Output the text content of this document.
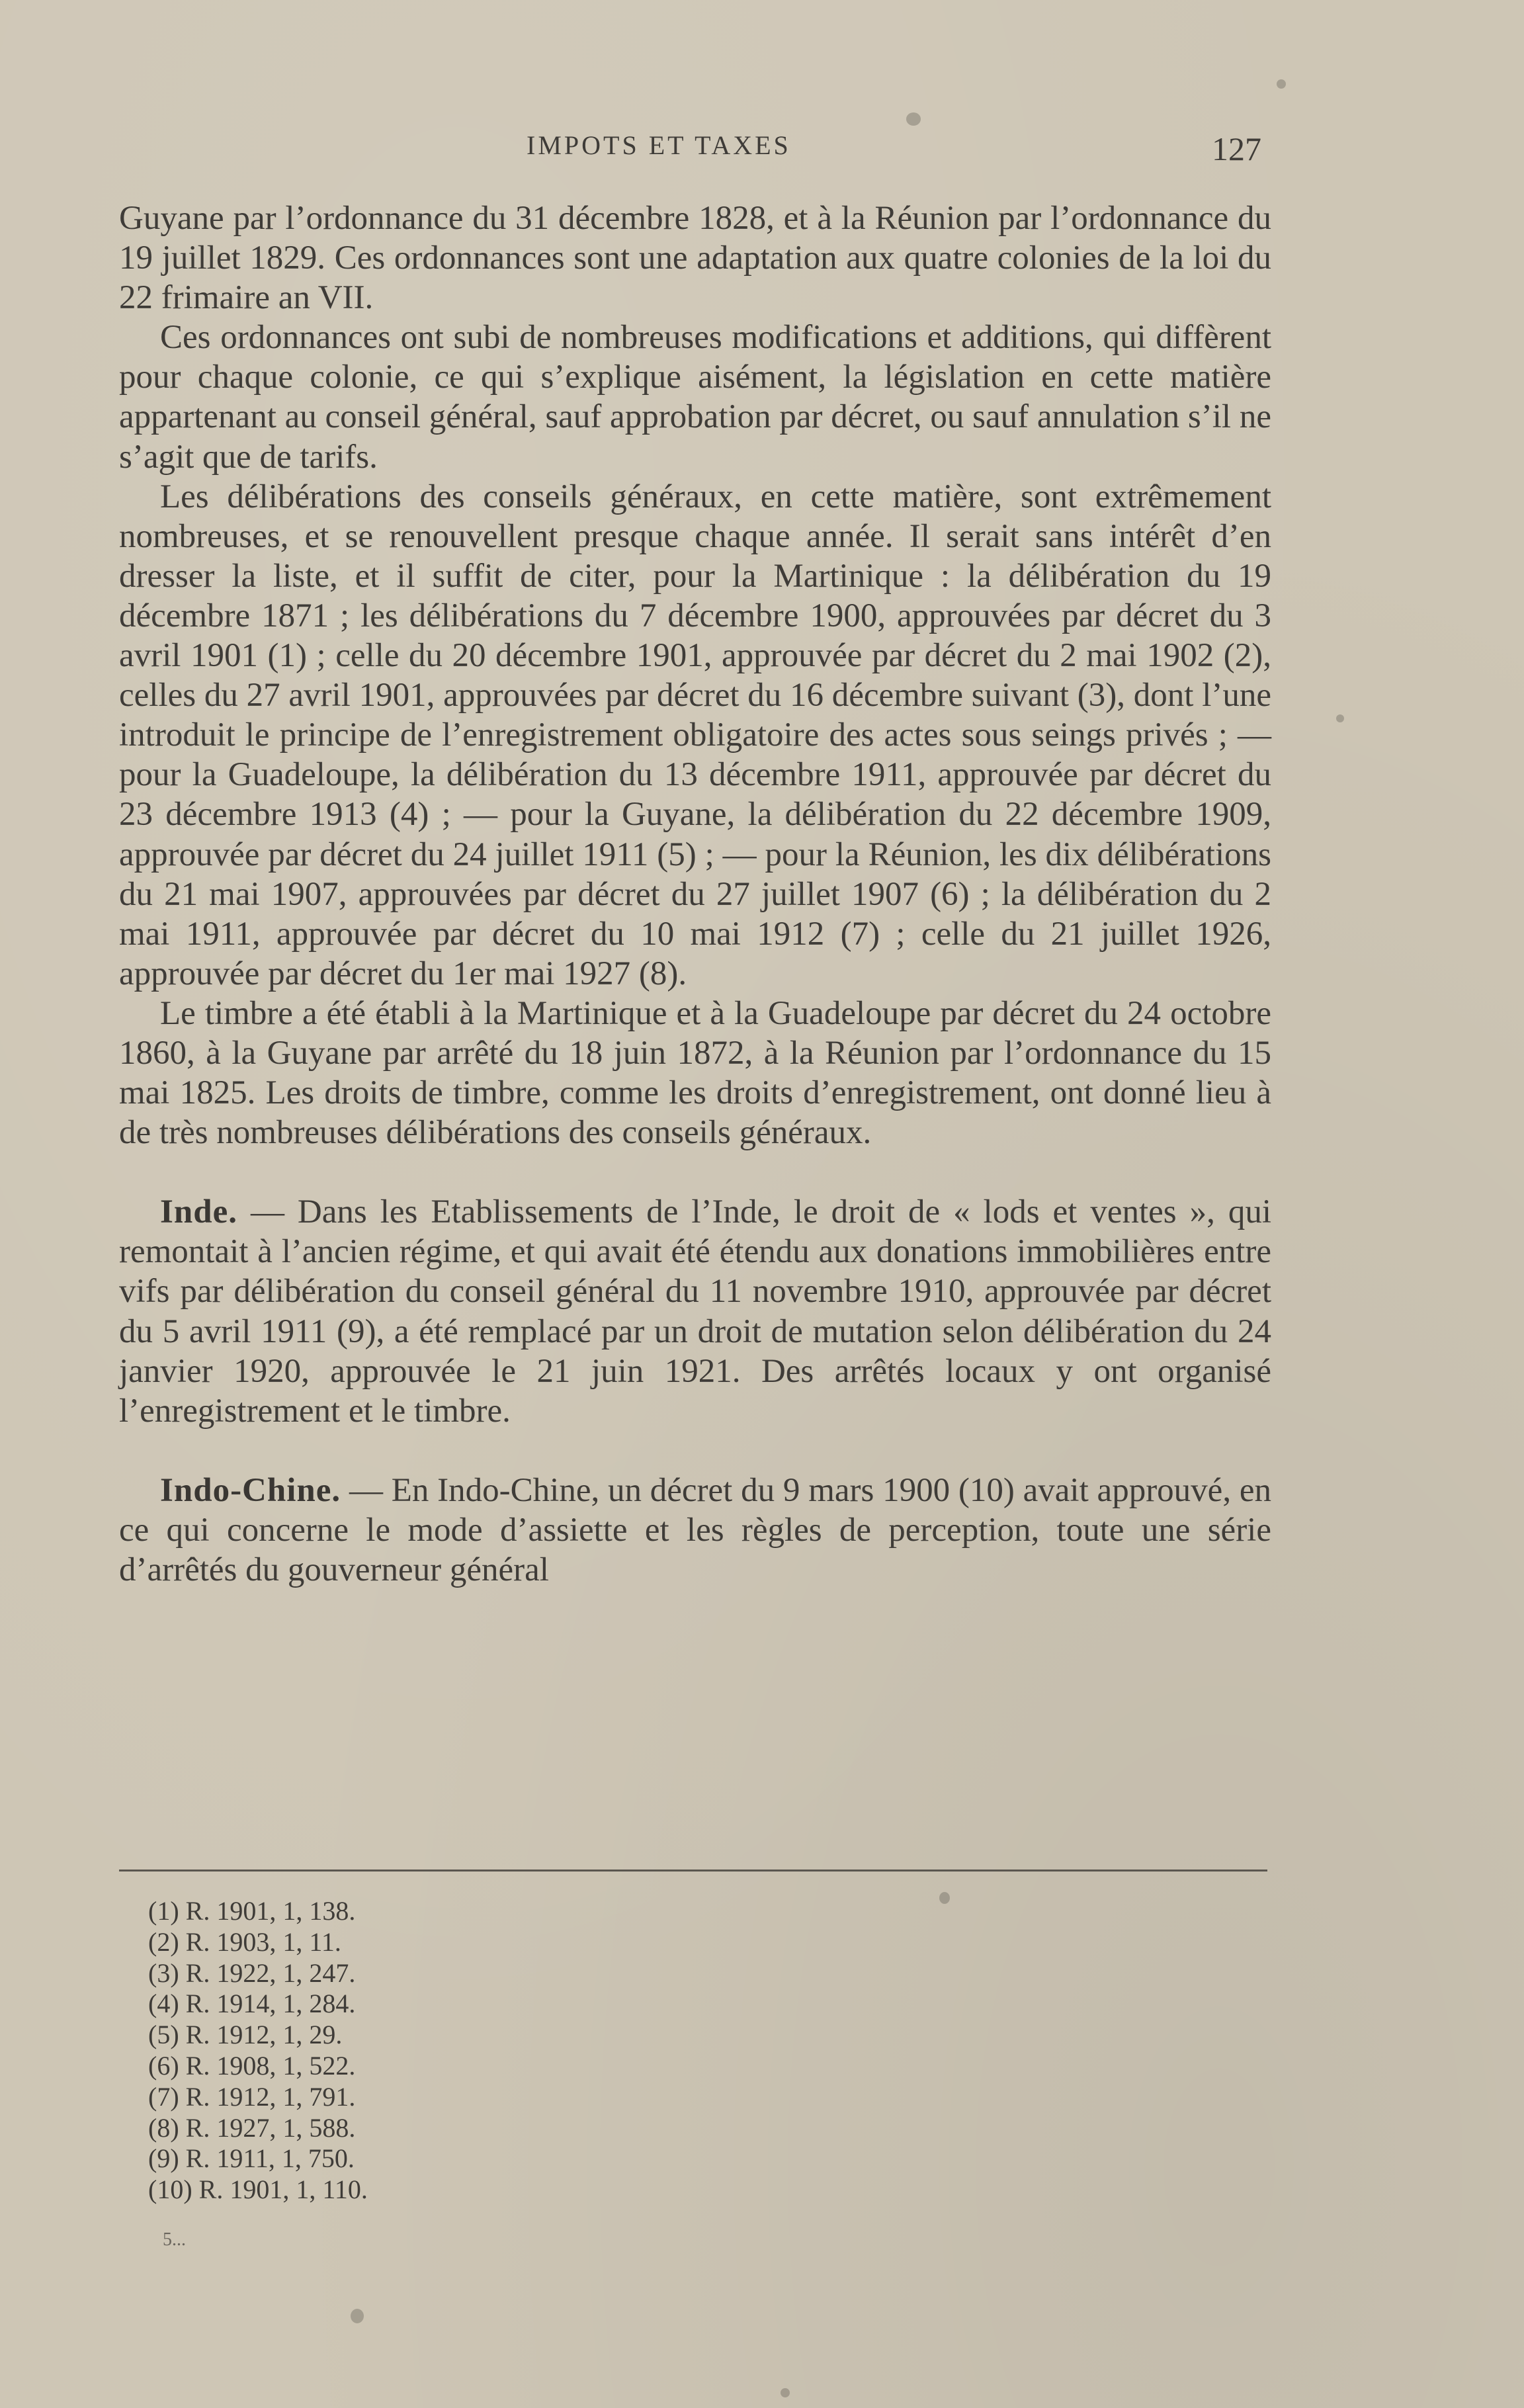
IMPOTS ET TAXES	127

Guyane par l’ordonnance du 31 décembre 1828, et à la Réunion par l’ordonnance du 19 juillet 1829. Ces ordonnances sont une adaptation aux quatre colonies de la loi du 22 frimaire an VII.

Ces ordonnances ont subi de nombreuses modifications et additions, qui diffèrent pour chaque colonie, ce qui s’explique aisément, la législation en cette matière appartenant au conseil général, sauf approbation par décret, ou sauf annulation s’il ne s’agit que de tarifs.

Les délibérations des conseils généraux, en cette matière, sont extrêmement nombreuses, et se renouvellent presque chaque année. Il serait sans intérêt d’en dresser la liste, et il suffit de citer, pour la Martinique : la délibération du 19 décembre 1871 ; les délibérations du 7 décembre 1900, approuvées par décret du 3 avril 1901 (1) ; celle du 20 décembre 1901, approuvée par décret du 2 mai 1902 (2), celles du 27 avril 1901, approuvées par décret du 16 décembre suivant (3), dont l’une introduit le principe de l’enregistrement obligatoire des actes sous seings privés ; — pour la Guadeloupe, la délibération du 13 décembre 1911, approuvée par décret du 23 décembre 1913 (4) ; — pour la Guyane, la délibération du 22 décembre 1909, approuvée par décret du 24 juillet 1911 (5) ; — pour la Réunion, les dix délibérations du 21 mai 1907, approuvées par décret du 27 juillet 1907 (6) ; la délibération du 2 mai 1911, approuvée par décret du 10 mai 1912 (7) ; celle du 21 juillet 1926, approuvée par décret du 1er mai 1927 (8).

Le timbre a été établi à la Martinique et à la Guadeloupe par décret du 24 octobre 1860, à la Guyane par arrêté du 18 juin 1872, à la Réunion par l’ordonnance du 15 mai 1825. Les droits de timbre, comme les droits d’enregistrement, ont donné lieu à de très nombreuses délibérations des conseils généraux.

Inde. — Dans les Etablissements de l’Inde, le droit de « lods et ventes », qui remontait à l’ancien régime, et qui avait été étendu aux donations immobilières entre vifs par délibération du conseil général du 11 novembre 1910, approuvée par décret du 5 avril 1911 (9), a été remplacé par un droit de mutation selon délibération du 24 janvier 1920, approuvée le 21 juin 1921. Des arrêtés locaux y ont organisé l’enregistrement et le timbre.

Indo-Chine. — En Indo-Chine, un décret du 9 mars 1900 (10) avait approuvé, en ce qui concerne le mode d’assiette et les règles de perception, toute une série d’arrêtés du gouverneur général

(1) R. 1901, 1, 138.
(2) R. 1903, 1, 11.
(3) R. 1922, 1, 247.
(4) R. 1914, 1, 284.
(5) R. 1912, 1, 29.
(6) R. 1908, 1, 522.
(7) R. 1912, 1, 791.
(8) R. 1927, 1, 588.
(9) R. 1911, 1, 750.
(10) R. 1901, 1, 110.
5...
